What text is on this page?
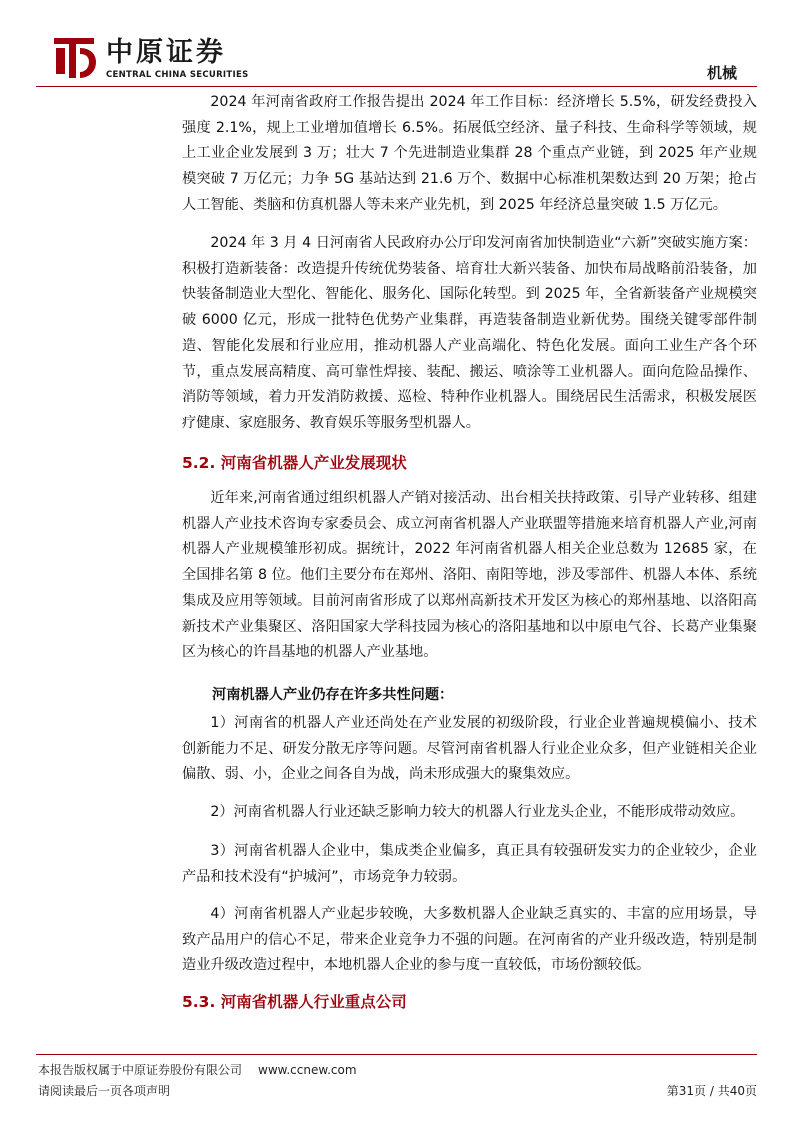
中原证券
CENTRAL CHINA SECURITIES	机械

2024 年河南省政府工作报告提出 2024 年工作目标：经济增长 5.5%，研发经费投入强度 2.1%，规上工业增加值增长 6.5%。拓展低空经济、量子科技、生命科学等领域，规上工业企业发展到 3 万；壮大 7 个先进制造业集群 28 个重点产业链，到 2025 年产业规模突破 7 万亿元；力争 5G 基站达到 21.6 万个、数据中心标准机架数达到 20 万架；抢占人工智能、类脑和仿真机器人等未来产业先机，到 2025 年经济总量突破 1.5 万亿元。

2024 年 3 月 4 日河南省人民政府办公厅印发河南省加快制造业“六新”突破实施方案：积极打造新装备：改造提升传统优势装备、培育壮大新兴装备、加快布局战略前沿装备，加快装备制造业大型化、智能化、服务化、国际化转型。到 2025 年，全省新装备产业规模突破 6000 亿元，形成一批特色优势产业集群，再造装备制造业新优势。围绕关键零部件制造、智能化发展和行业应用，推动机器人产业高端化、特色化发展。面向工业生产各个环节，重点发展高精度、高可靠性焊接、装配、搬运、喷涂等工业机器人。面向危险品操作、消防等领域，着力开发消防救援、巡检、特种作业机器人。围绕居民生活需求，积极发展医疗健康、家庭服务、教育娱乐等服务型机器人。

5.2. 河南省机器人产业发展现状

近年来,河南省通过组织机器人产销对接活动、出台相关扶持政策、引导产业转移、组建机器人产业技术咨询专家委员会、成立河南省机器人产业联盟等措施来培育机器人产业,河南机器人产业规模雏形初成。据统计，2022 年河南省机器人相关企业总数为 12685 家，在全国排名第 8 位。他们主要分布在郑州、洛阳、南阳等地，涉及零部件、机器人本体、系统集成及应用等领域。目前河南省形成了以郑州高新技术开发区为核心的郑州基地、以洛阳高新技术产业集聚区、洛阳国家大学科技园为核心的洛阳基地和以中原电气谷、长葛产业集聚区为核心的许昌基地的机器人产业基地。

河南机器人产业仍存在许多共性问题：

1）河南省的机器人产业还尚处在产业发展的初级阶段，行业企业普遍规模偏小、技术创新能力不足、研发分散无序等问题。尽管河南省机器人行业企业众多，但产业链相关企业偏散、弱、小，企业之间各自为战，尚未形成强大的聚集效应。

2）河南省机器人行业还缺乏影响力较大的机器人行业龙头企业，不能形成带动效应。

3）河南省机器人企业中，集成类企业偏多，真正具有较强研发实力的企业较少，企业产品和技术没有“护城河”，市场竞争力较弱。

4）河南省机器人产业起步较晚，大多数机器人企业缺乏真实的、丰富的应用场景，导致产品用户的信心不足，带来企业竞争力不强的问题。在河南省的产业升级改造，特别是制造业升级改造过程中，本地机器人企业的参与度一直较低，市场份额较低。

5.3. 河南省机器人行业重点公司
本报告版权属于中原证券股份有限公司 www.ccnew.com
请阅读最后一页各项声明	第31页 / 共40页
